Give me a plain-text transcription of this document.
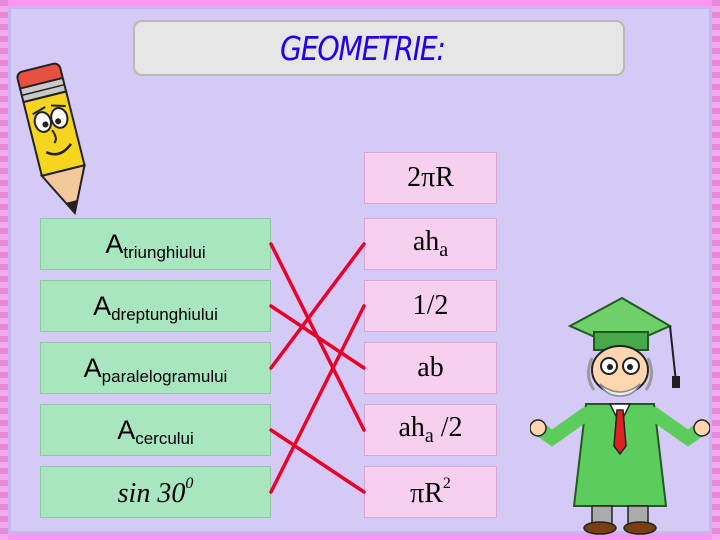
GEOMETRIE:
A triunghiului
A dreptunghiului
A paralelogramului
A cercului
$\sin 30^0$
2πR
$ah_a$
1/2
ab
$ah_a$ /2
$\pi R^2$
